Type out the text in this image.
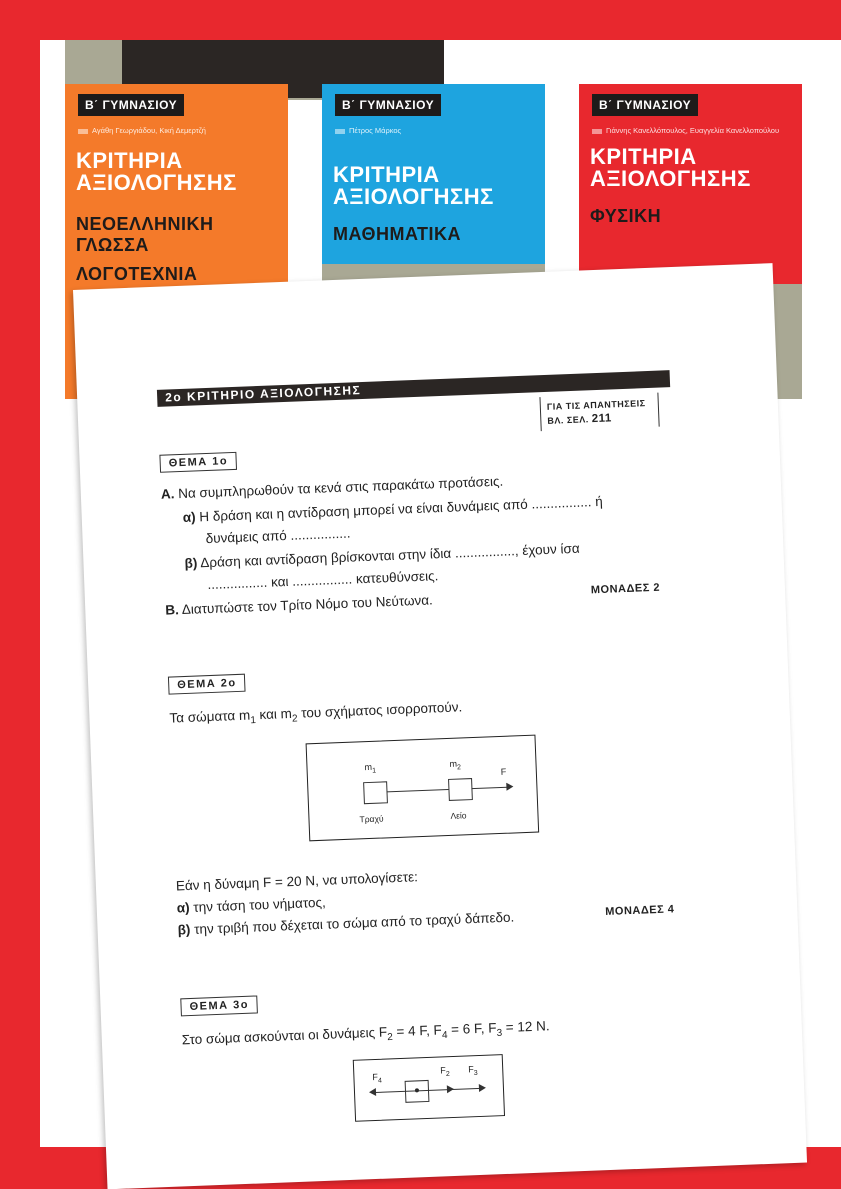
Β΄ ΓΥΜΝΑΣΙΟΥ
Αγάθη Γεωργιάδου, Κική Δεμερτζή
ΚΡΙΤΗΡΙΑ
ΑΞΙΟΛΟΓΗΣΗΣ
ΝΕΟΕΛΛΗΝΙΚΗ
ΓΛΩΣΣΑ
ΛΟΓΟΤΕΧΝΙΑ
Β΄ ΓΥΜΝΑΣΙΟΥ
Πέτρος Μάρκος
ΚΡΙΤΗΡΙΑ
ΑΞΙΟΛΟΓΗΣΗΣ
ΜΑΘΗΜΑΤΙΚΑ
Β΄ ΓΥΜΝΑΣΙΟΥ
Γιάννης Κανελλόπουλος, Ευαγγελία Κανελλοπούλου
ΚΡΙΤΗΡΙΑ
ΑΞΙΟΛΟΓΗΣΗΣ
ΦΥΣΙΚΗ
2ο ΚΡΙΤΗΡΙΟ ΑΞΙΟΛΟΓΗΣΗΣ
ΓΙΑ ΤΙΣ ΑΠΑΝΤΗΣΕΙΣ
ΒΛ. ΣΕΛ. 211
ΘΕΜΑ 1ο
Α. Να συμπληρωθούν τα κενά στις παρακάτω προτάσεις.
α) Η δράση και η αντίδραση μπορεί να είναι δυνάμεις από ................ ή
δυνάμεις από ................
β) Δράση και αντίδραση βρίσκονται στην ίδια ................, έχουν ίσα
................ και ................ κατευθύνσεις.
Β. Διατυπώστε τον Τρίτο Νόμο του Νεύτωνα.
ΜΟΝΑΔΕΣ 2
ΘΕΜΑ 2ο
Τα σώματα $m_1$ και $m_2$ του σχήματος ισορροπούν.
$m_1$
$m_2$	F
Τραχύ	Λείο
Εάν η δύναμη F = 20 N, να υπολογίσετε:
α) την τάση του νήματος,
β) την τριβή που δέχεται το σώμα από το τραχύ δάπεδο.	ΜΟΝΑΔΕΣ 4
ΘΕΜΑ 3ο
Στο σώμα ασκούνται οι δυνάμεις $F_2 = 4$ F, $F_4 = 6$ F, $F_3 = 12$ N.
$F_4$
$F_2$
$F_3$
